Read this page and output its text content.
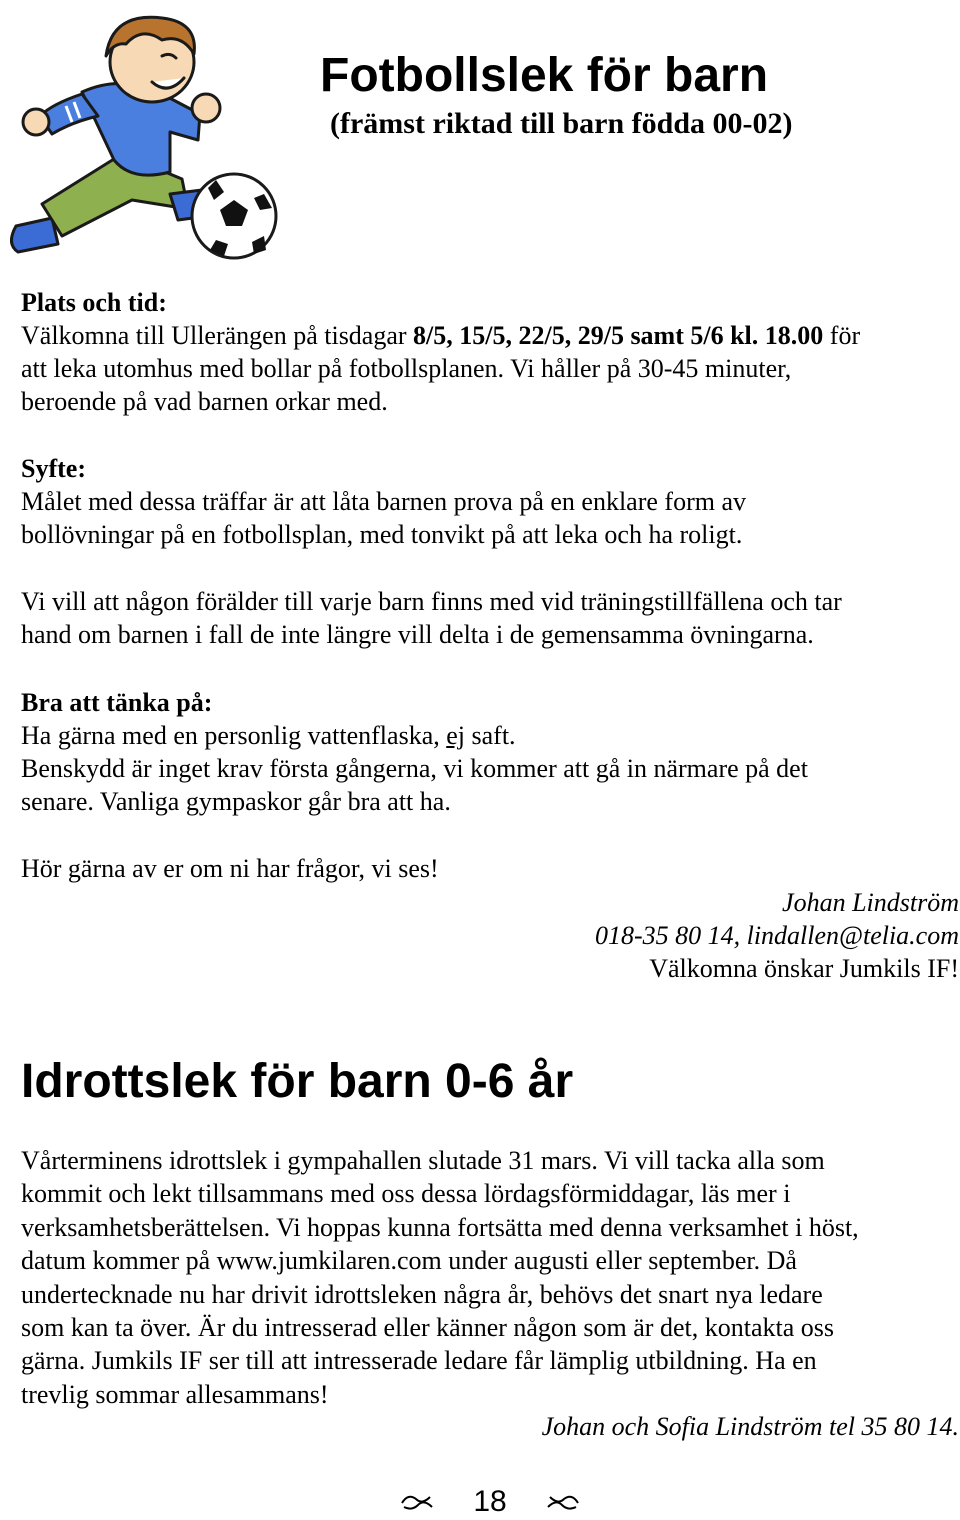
Fotbollslek för barn
(främst riktad till barn födda 00-02)
Plats och tid:
Välkomna till Ullerängen på tisdagar 8/5, 15/5, 22/5, 29/5 samt 5/6 kl. 18.00 för
att leka utomhus med bollar på fotbollsplanen. Vi håller på 30-45 minuter,
beroende på vad barnen orkar med.
Syfte:
Målet med dessa träffar är att låta barnen prova på en enklare form av
bollövningar på en fotbollsplan, med tonvikt på att leka och ha roligt.
Vi vill att någon förälder till varje barn finns med vid träningstillfällena och tar
hand om barnen i fall de inte längre vill delta i de gemensamma övningarna.
Bra att tänka på:
Ha gärna med en personlig vattenflaska, ej saft.
Benskydd är inget krav första gångerna, vi kommer att gå in närmare på det
senare. Vanliga gympaskor går bra att ha.
Hör gärna av er om ni har frågor, vi ses!
Johan Lindström
018-35 80 14, lindallen@telia.com
Välkomna önskar Jumkils IF!
Idrottslek för barn 0-6 år

Vårterminens idrottslek i gympahallen slutade 31 mars. Vi vill tacka alla som

kommit och lekt tillsammans med oss dessa lördagsförmiddagar, läs mer i

verksamhetsberättelsen. Vi hoppas kunna fortsätta med denna verksamhet i höst,

datum kommer på www.jumkilaren.com under augusti eller september. Då

undertecknade nu har drivit idrottsleken några år, behövs det snart nya ledare

som kan ta över. Är du intresserad eller känner någon som är det, kontakta oss

gärna. Jumkils IF ser till att intresserade ledare får lämplig utbildning. Ha en

trevlig sommar allesammans!

Johan och Sofia Lindström tel 35 80 14.
18
